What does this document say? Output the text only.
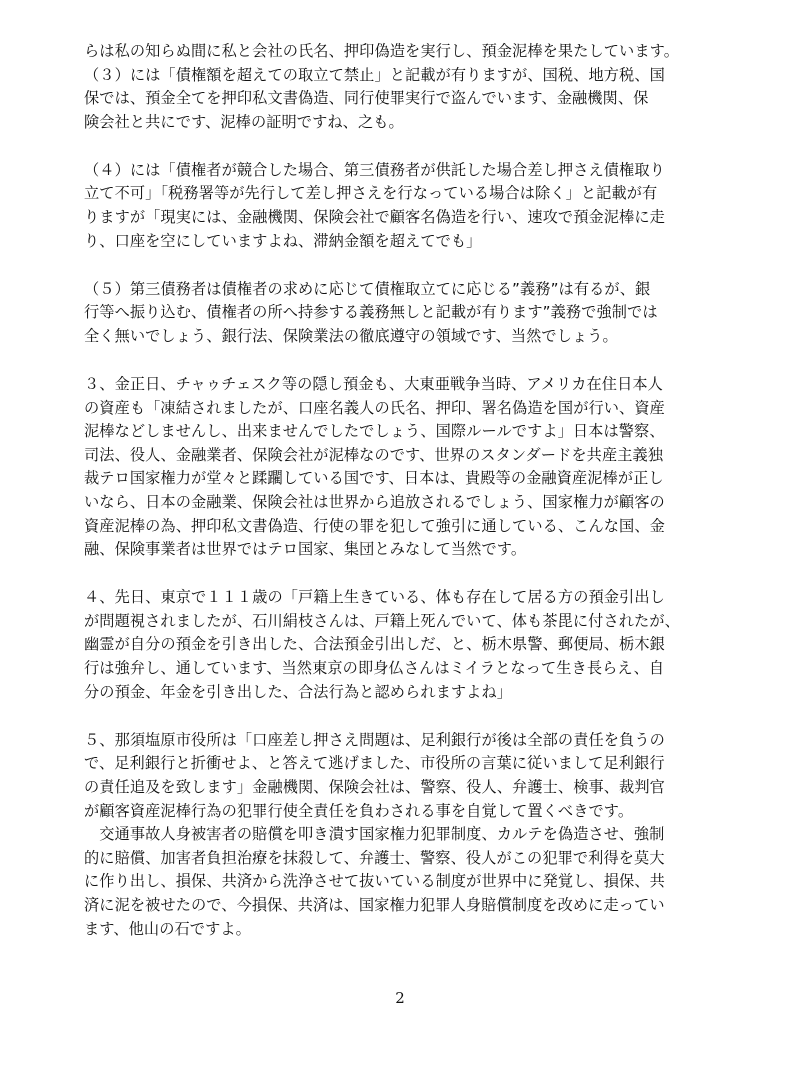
らは私の知らぬ間に私と会社の氏名、押印偽造を実行し、預金泥棒を果たしています。
（３）には「債権額を超えての取立て禁止」と記載が有りますが、国税、地方税、国
保では、預金全てを押印私文書偽造、同行使罪実行で盗んでいます、金融機関、保
険会社と共にです、泥棒の証明ですね、之も。
（４）には「債権者が競合した場合、第三債務者が供託した場合差し押さえ債権取り
立て不可」「税務署等が先行して差し押さえを行なっている場合は除く」と記載が有
りますが「現実には、金融機関、保険会社で顧客名偽造を行い、速攻で預金泥棒に走
り、口座を空にしていますよね、滞納金額を超えてでも」
（５）第三債務者は債権者の求めに応じて債権取立てに応じる”義務”は有るが、銀
行等へ振り込む、債権者の所へ持参する義務無しと記載が有ります”義務で強制では
全く無いでしょう、銀行法、保険業法の徹底遵守の領域です、当然でしょう。
３、金正日、チャゥチェスク等の隠し預金も、大東亜戦争当時、アメリカ在住日本人
の資産も「凍結されましたが、口座名義人の氏名、押印、署名偽造を国が行い、資産
泥棒などしませんし、出来ませんでしたでしょう、国際ルールですよ」日本は警察、
司法、役人、金融業者、保険会社が泥棒なのです、世界のスタンダードを共産主義独
裁テロ国家権力が堂々と蹂躙している国です、日本は、貴殿等の金融資産泥棒が正し
いなら、日本の金融業、保険会社は世界から追放されるでしょう、国家権力が顧客の
資産泥棒の為、押印私文書偽造、行使の罪を犯して強引に通している、こんな国、金
融、保険事業者は世界ではテロ国家、集団とみなして当然です。
４、先日、東京で１１１歳の「戸籍上生きている、体も存在して居る方の預金引出し
が問題視されましたが、石川絹枝さんは、戸籍上死んでいて、体も茶毘に付されたが、
幽霊が自分の預金を引き出した、合法預金引出しだ、と、栃木県警、郵便局、栃木銀
行は強弁し、通しています、当然東京の即身仏さんはミイラとなって生き長らえ、自
分の預金、年金を引き出した、合法行為と認められますよね」
５、那須塩原市役所は「口座差し押さえ問題は、足利銀行が後は全部の責任を負うの
で、足利銀行と折衝せよ、と答えて逃げました、市役所の言葉に従いまして足利銀行
の責任追及を致します」金融機関、保険会社は、警察、役人、弁護士、検事、裁判官
が顧客資産泥棒行為の犯罪行使全責任を負わされる事を自覚して置くべきです。
　交通事故人身被害者の賠償を叩き潰す国家権力犯罪制度、カルテを偽造させ、強制
的に賠償、加害者負担治療を抹殺して、弁護士、警察、役人がこの犯罪で利得を莫大
に作り出し、損保、共済から洗浄させて抜いている制度が世界中に発覚し、損保、共
済に泥を被せたので、今損保、共済は、国家権力犯罪人身賠償制度を改めに走ってい
ます、他山の石ですよ。
2
